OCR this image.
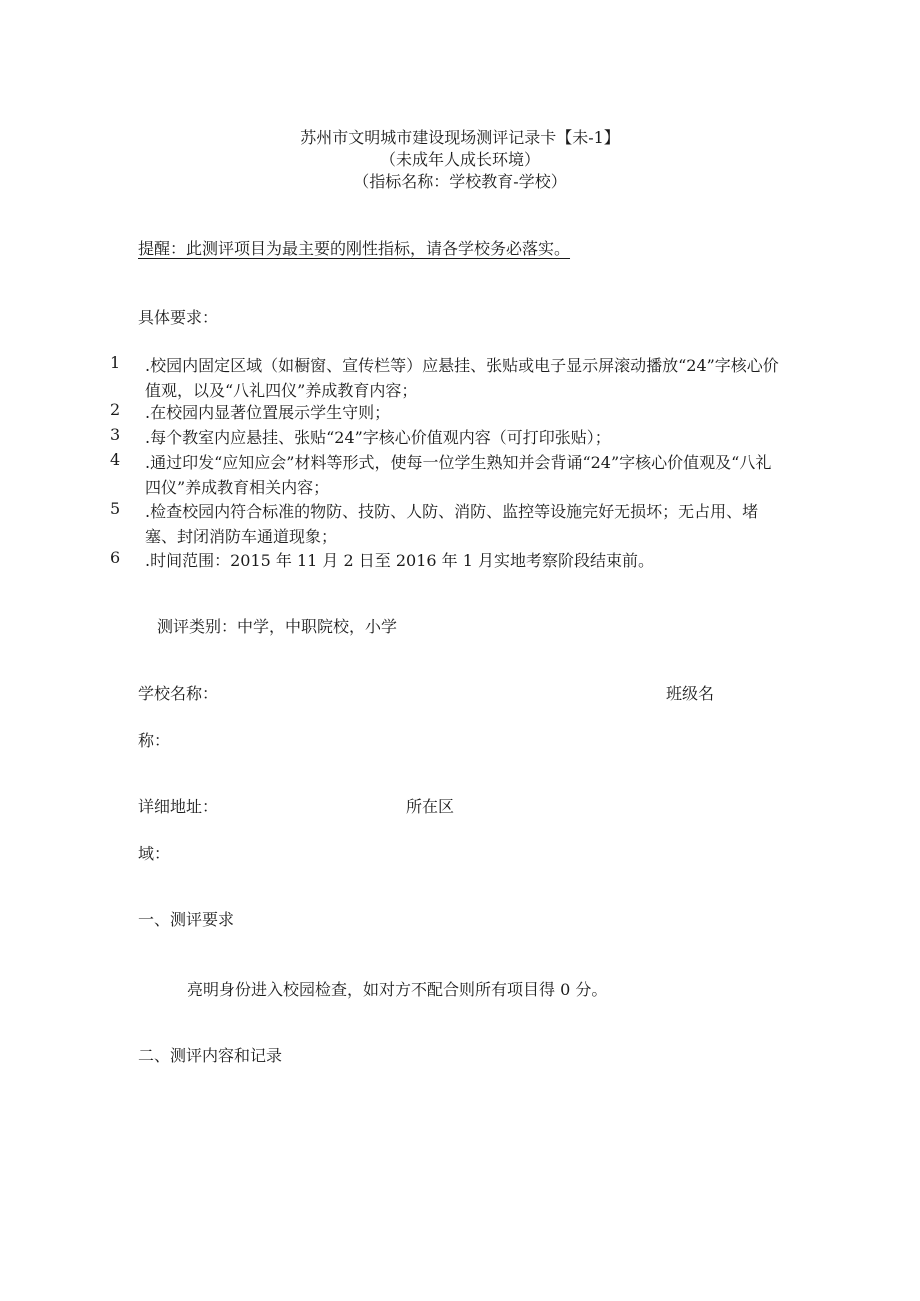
苏州市文明城市建设现场测评记录卡【未-1】
（未成年人成长环境）
（指标名称：学校教育-学校）
提醒：此测评项目为最主要的刚性指标，请各学校务必落实。
具体要求：
1	.校园内固定区域（如橱窗、宣传栏等）应悬挂、张贴或电子显示屏滚动播放“24”字核心价值观，以及“八礼四仪”养成教育内容；
2	.在校园内显著位置展示学生守则；
3	.每个教室内应悬挂、张贴“24”字核心价值观内容（可打印张贴）；
4	.通过印发“应知应会”材料等形式，使每一位学生熟知并会背诵“24”字核心价值观及“八礼四仪”养成教育相关内容；
5	.检查校园内符合标准的物防、技防、人防、消防、监控等设施完好无损坏；无占用、堵塞、封闭消防车通道现象；
6	.时间范围：2015 年 11 月 2 日至 2016 年 1 月实地考察阶段结束前。
测评类别：中学，中职院校，小学
学校名称：	班级名
称：
详细地址：	所在区
域：
一、测评要求
亮明身份进入校园检查，如对方不配合则所有项目得 0 分。
二、测评内容和记录
